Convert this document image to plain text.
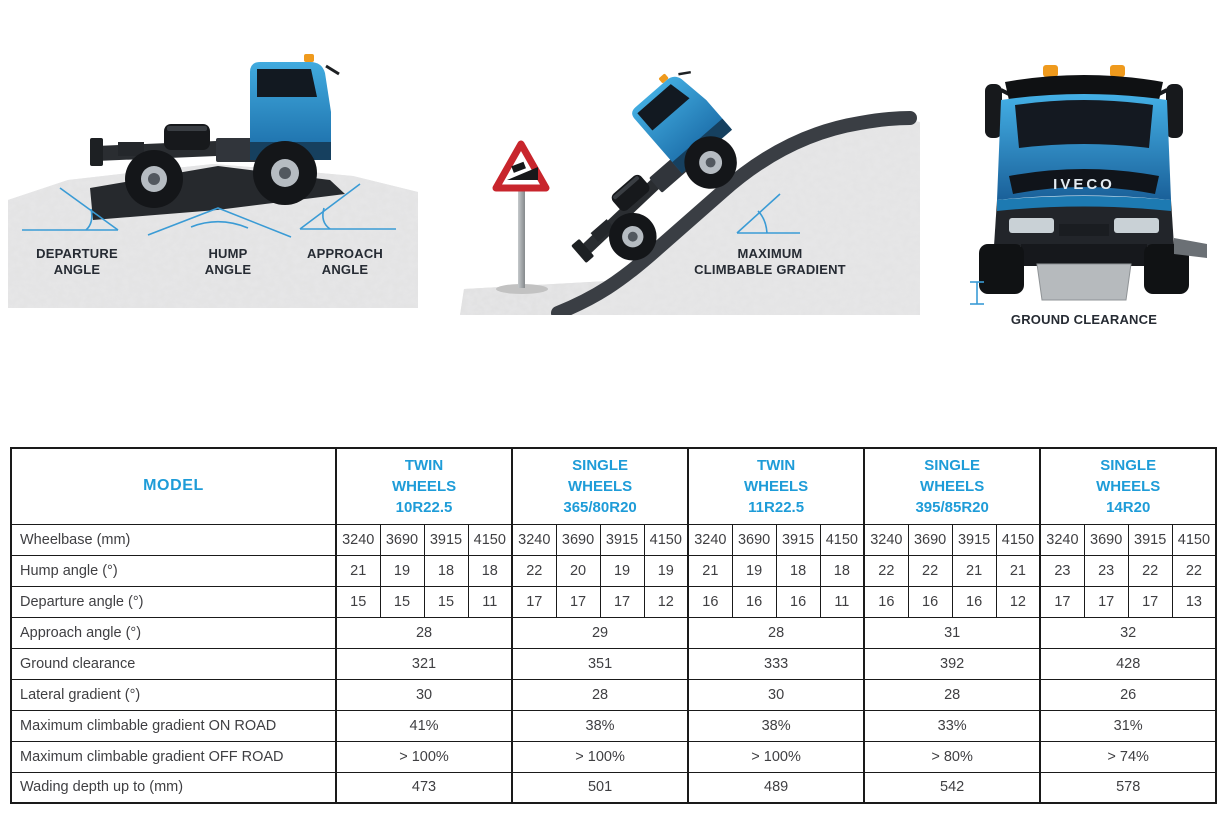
DEPARTURE
ANGLE
HUMP
ANGLE
APPROACH
ANGLE
MAXIMUM
CLIMBABLE GRADIENT
IVECO
GROUND CLEARANCE
MODEL	
TWIN
WHEELS
10R22.5

SINGLE
WHEELS
365/80R20

TWIN
WHEELS
11R22.5

SINGLE
WHEELS
395/85R20

SINGLE
WHEELS
14R20

Wheelbase (mm)	3240	3690	3915	4150	3240	3690	3915	4150	3240	3690	3915	4150	3240	3690	3915	4150	3240	3690	3915	4150
Hump angle (°)	21	19	18	18	22	20	19	19	21	19	18	18	22	22	21	21	23	23	22	22
Departure angle (°)	15	15	15	11	17	17	17	12	16	16	16	11	16	16	16	12	17	17	17	13
Approach angle (°)	28				29				28				31				32			
Ground clearance	321				351				333				392				428			
Lateral gradient (°)	30				28				30				28				26			
Maximum climbable gradient ON ROAD	41%				38%				38%				33%				31%			
Maximum climbable gradient OFF ROAD	> 100%				> 100%				> 100%				> 80%				> 74%			
Wading depth up to (mm)	473				501				489				542				578			
